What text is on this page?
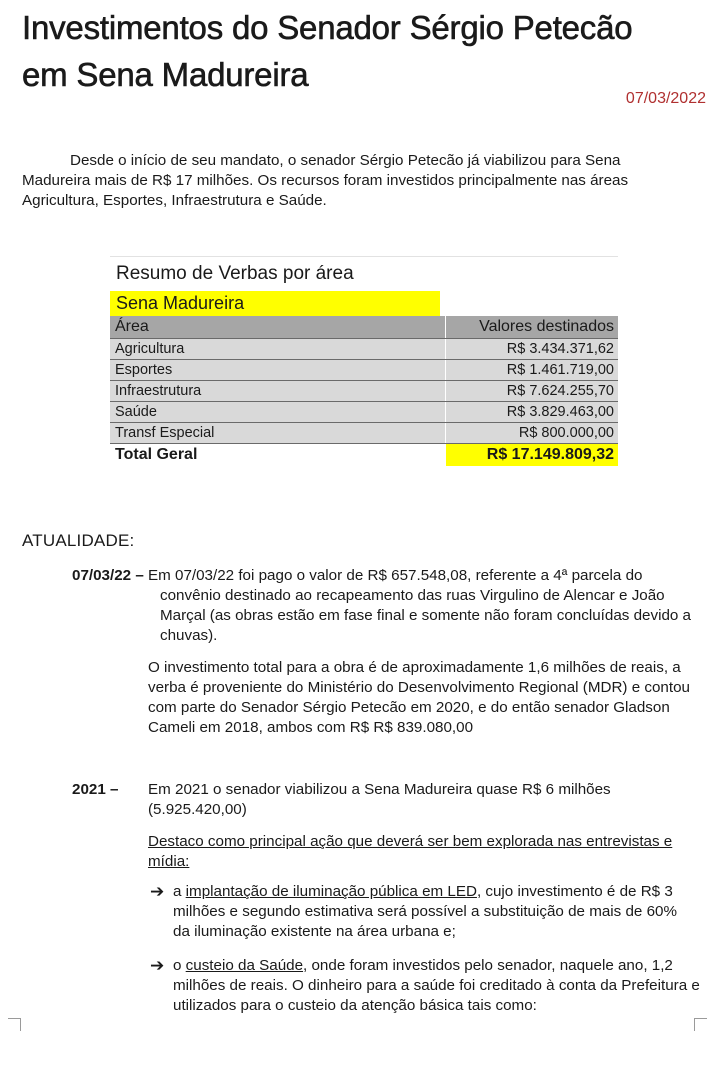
Investimentos do Senador Sérgio Petecão em Sena Madureira
07/03/2022
Desde o início de seu mandato, o senador Sérgio Petecão já viabilizou para Sena Madureira mais de R$ 17 milhões. Os recursos foram investidos principalmente nas áreas Agricultura, Esportes, Infraestrutura e Saúde.
Resumo de Verbas por área
Sena Madureira
Área	Valores destinados
Agricultura	R$ 3.434.371,62
Esportes	R$ 1.461.719,00
Infraestrutura	R$ 7.624.255,70
Saúde	R$ 3.829.463,00
Transf Especial	R$ 800.000,00
Total Geral	R$ 17.149.809,32
ATUALIDADE:
07/03/22 – Em 07/03/22 foi pago o valor de R$ 657.548,08, referente a 4ª parcela do convênio destinado ao recapeamento das ruas Virgulino de Alencar e João Marçal (as obras estão em fase final e somente não foram concluídas devido a chuvas).

O investimento total para a obra é de aproximadamente 1,6 milhões de reais, a verba é proveniente do Ministério do Desenvolvimento Regional (MDR) e contou com parte do Senador Sérgio Petecão em 2020, e do então senador Gladson Cameli em 2018, ambos com R$ R$ 839.080,00

2021 – Em 2021 o senador viabilizou a Sena Madureira quase R$ 6 milhões (5.925.420,00)

Destaco como principal ação que deverá ser bem explorada nas entrevistas e mídia:

➔ a implantação de iluminação pública em LED, cujo investimento é de R$ 3 milhões e segundo estimativa será possível a substituição de mais de 60% da iluminação existente na área urbana e;
➔ o custeio da Saúde, onde foram investidos pelo senador, naquele ano, 1,2 milhões de reais. O dinheiro para a saúde foi creditado à conta da Prefeitura e utilizados para o custeio da atenção básica tais como:
